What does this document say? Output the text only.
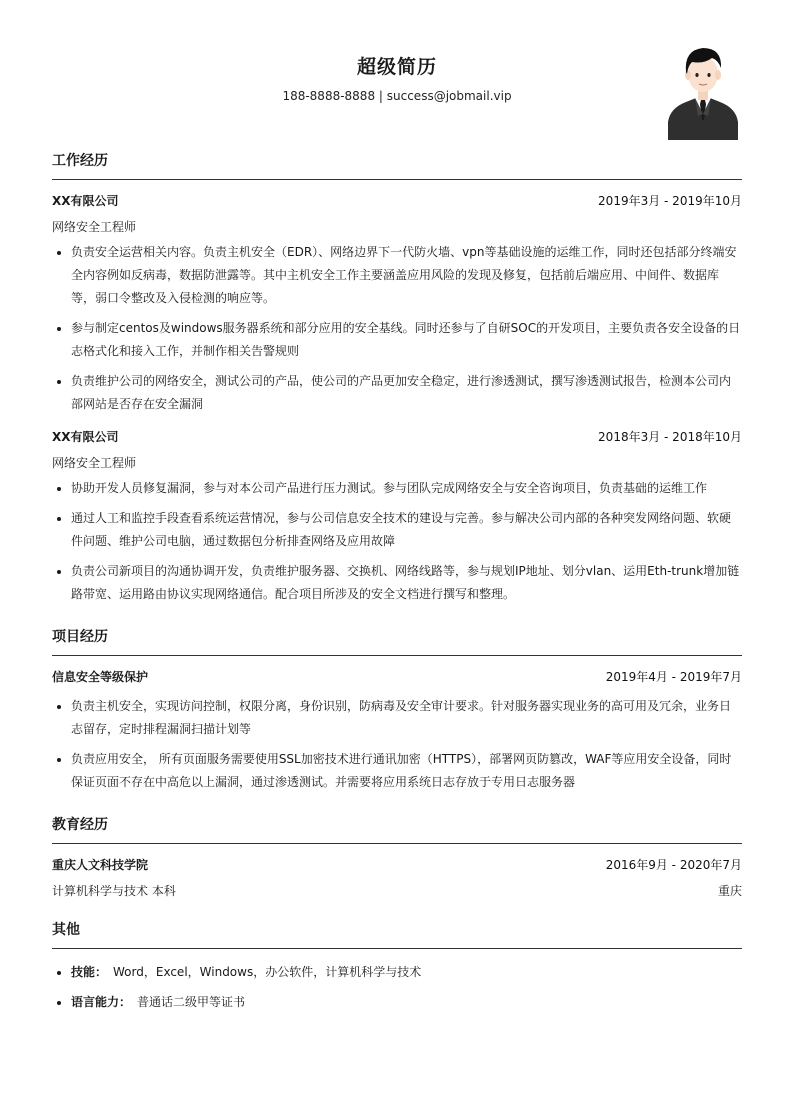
超级简历
188-8888-8888 | success@jobmail.vip
工作经历
XX有限公司	2019年3月 - 2019年10月
网络安全工程师
• 负责安全运营相关内容。负责主机安全（EDR）、网络边界下一代防火墙、vpn等基础设施的运维工作，同时还包括部分终端安全内容例如反病毒，数据防泄露等。其中主机安全工作主要涵盖应用风险的发现及修复，包括前后端应用、中间件、数据库等，弱口令整改及入侵检测的响应等。
• 参与制定centos及windows服务器系统和部分应用的安全基线。同时还参与了自研SOC的开发项目，主要负责各安全设备的日志格式化和接入工作，并制作相关告警规则
• 负责维护公司的网络安全，测试公司的产品，使公司的产品更加安全稳定，进行渗透测试，撰写渗透测试报告，检测本公司内部网站是否存在安全漏洞
XX有限公司	2018年3月 - 2018年10月
网络安全工程师
• 协助开发人员修复漏洞，参与对本公司产品进行压力测试。参与团队完成网络安全与安全咨询项目，负责基础的运维工作
• 通过人工和监控手段查看系统运营情况，参与公司信息安全技术的建设与完善。参与解决公司内部的各种突发网络问题、软硬件问题、维护公司电脑，通过数据包分析排查网络及应用故障
• 负责公司新项目的沟通协调开发，负责维护服务器、交换机、网络线路等，参与规划IP地址、划分vlan、运用Eth-trunk增加链路带宽、运用路由协议实现网络通信。配合项目所涉及的安全文档进行撰写和整理。
项目经历
信息安全等级保护	2019年4月 - 2019年7月
• 负责主机安全，实现访问控制，权限分离，身份识别，防病毒及安全审计要求。针对服务器实现业务的高可用及冗余，业务日志留存，定时排程漏洞扫描计划等
• 负责应用安全， 所有页面服务需要使用SSL加密技术进行通讯加密（HTTPS），部署网页防篡改，WAF等应用安全设备，同时保证页面不存在中高危以上漏洞，通过渗透测试。并需要将应用系统日志存放于专用日志服务器
教育经历
重庆人文科技学院	2016年9月 - 2020年7月
计算机科学与技术 本科	重庆
其他
• 技能： Word，Excel，Windows，办公软件，计算机科学与技术
• 语言能力： 普通话二级甲等证书
